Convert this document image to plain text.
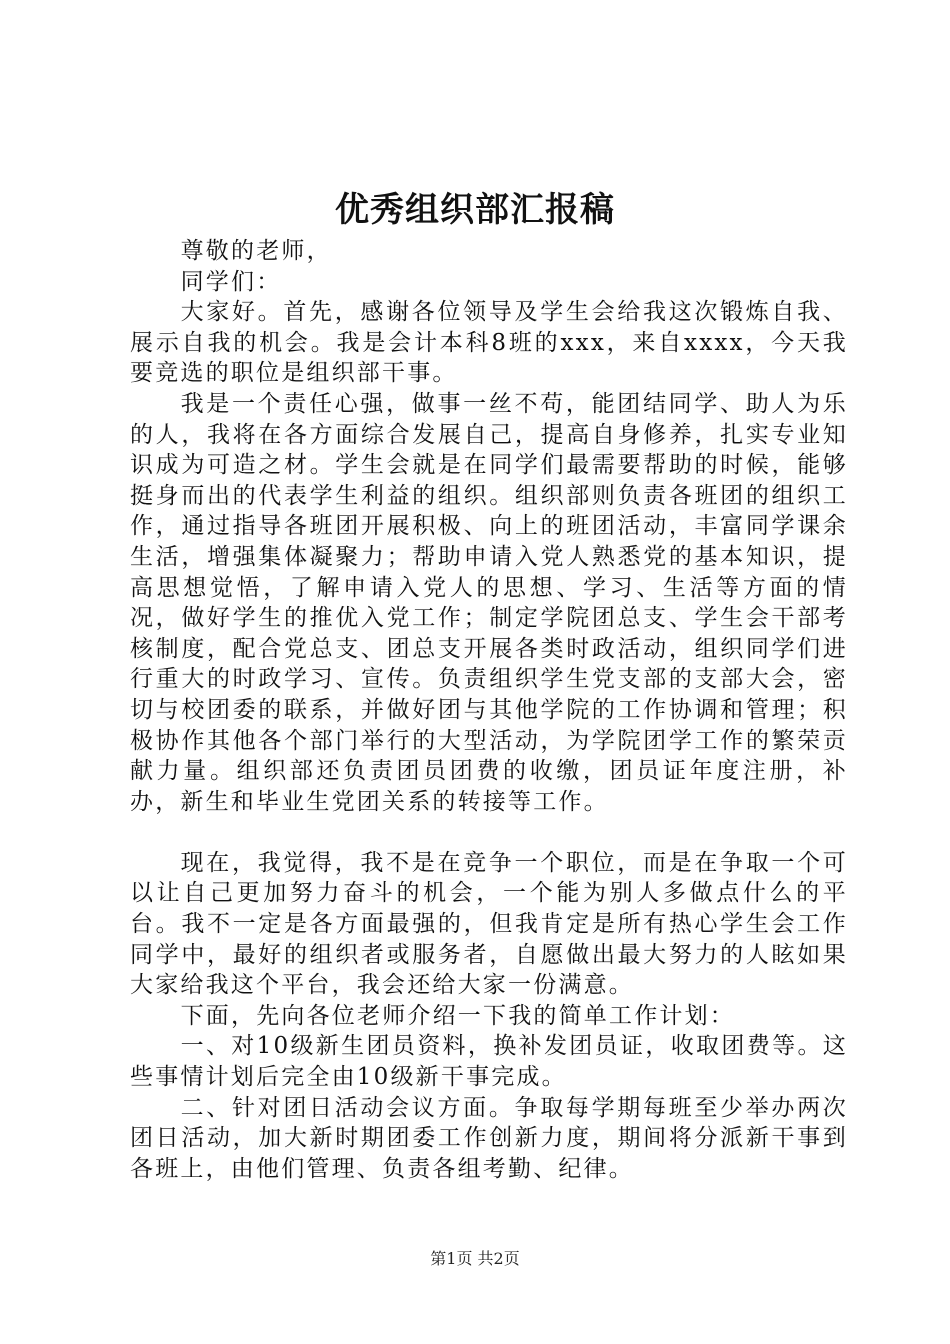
优秀组织部汇报稿

尊敬的老师，

同学们：

大家好。首先，感谢各位领导及学生会给我这次锻炼自我、展示自我的机会。我是会计本科8班的xxx，来自xxxx，今天我要竞选的职位是组织部干事。

我是一个责任心强，做事一丝不苟，能团结同学、助人为乐的人，我将在各方面综合发展自己，提高自身修养，扎实专业知识成为可造之材。学生会就是在同学们最需要帮助的时候，能够挺身而出的代表学生利益的组织。组织部则负责各班团的组织工作，通过指导各班团开展积极、向上的班团活动，丰富同学课余生活，增强集体凝聚力；帮助申请入党人熟悉党的基本知识，提高思想觉悟，了解申请入党人的思想、学习、生活等方面的情况，做好学生的推优入党工作；制定学院团总支、学生会干部考核制度，配合党总支、团总支开展各类时政活动，组织同学们进行重大的时政学习、宣传。负责组织学生党支部的支部大会，密切与校团委的联系，并做好团与其他学院的工作协调和管理；积极协作其他各个部门举行的大型活动，为学院团学工作的繁荣贡献力量。组织部还负责团员团费的收缴，团员证年度注册，补办，新生和毕业生党团关系的转接等工作。

现在，我觉得，我不是在竞争一个职位，而是在争取一个可以让自己更加努力奋斗的机会，一个能为别人多做点什么的平台。我不一定是各方面最强的，但我肯定是所有热心学生会工作同学中，最好的组织者或服务者，自愿做出最大努力的人眩如果大家给我这个平台，我会还给大家一份满意。

下面，先向各位老师介绍一下我的简单工作计划：

一、对10级新生团员资料，换补发团员证，收取团费等。这些事情计划后完全由10级新干事完成。

二、针对团日活动会议方面。争取每学期每班至少举办两次团日活动，加大新时期团委工作创新力度，期间将分派新干事到各班上，由他们管理、负责各组考勤、纪律。

第1页 共2页
